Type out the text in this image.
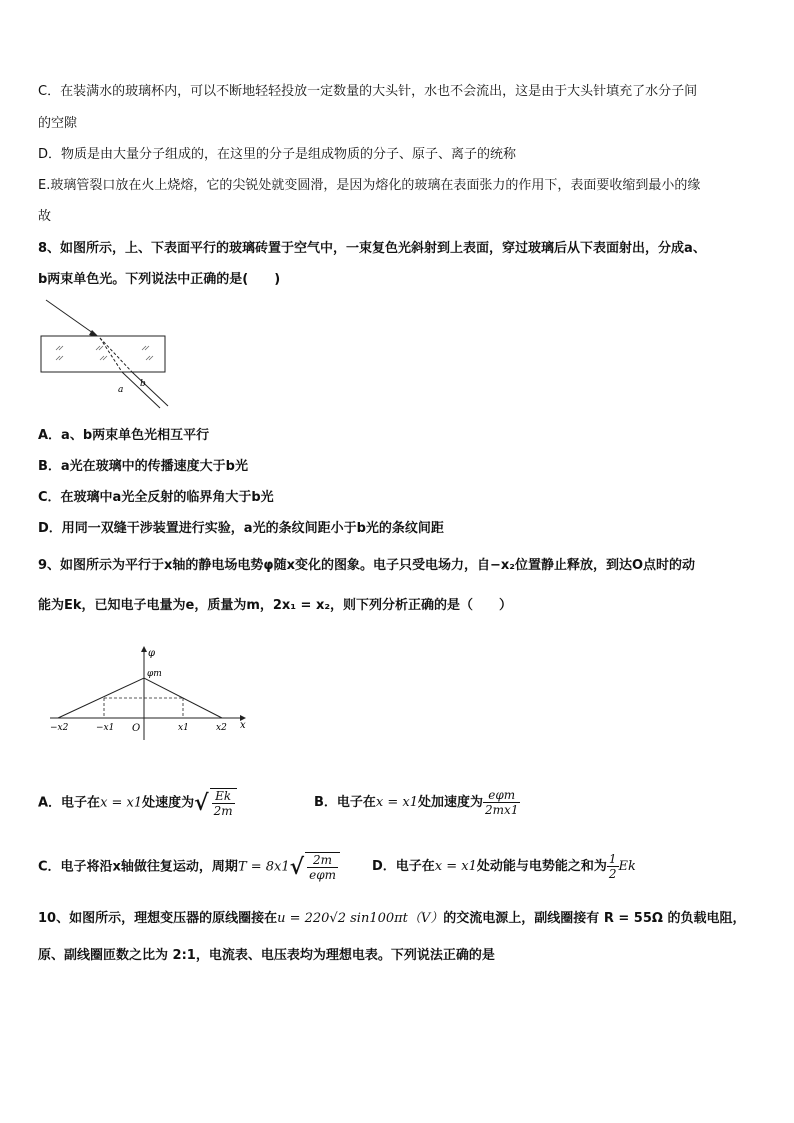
C．在装满水的玻璃杯内，可以不断地轻轻投放一定数量的大头针，水也不会流出，这是由于大头针填充了水分子间
的空隙
D．物质是由大量分子组成的，在这里的分子是组成物质的分子、原子、离子的统称
E.玻璃管裂口放在火上烧熔，它的尖锐处就变圆滑，是因为熔化的玻璃在表面张力的作用下，表面要收缩到最小的缘
故
8、如图所示，上、下表面平行的玻璃砖置于空气中，一束复色光斜射到上表面，穿过玻璃后从下表面射出，分成a、
b两束单色光。下列说法中正确的是(　　)
a
b
A．a、b两束单色光相互平行
B．a光在玻璃中的传播速度大于b光
C．在玻璃中a光全反射的临界角大于b光
D．用同一双缝干涉装置进行实验，a光的条纹间距小于b光的条纹间距
9、如图所示为平行于x轴的静电场电势φ随x变化的图象。电子只受电场力，自−x₂位置静止释放，到达O点时的动
能为Ek，已知电子电量为e，质量为m，2x₁ = x₂，则下列分析正确的是（　　）
φ
φm
x
O
−x2	−x1	x1	x2
A．电子在x = x1处速度为√ $\frac{Ek}{2m}$	B．电子在x = x1处加速度为 $\frac{\text{eφm}}{2mx1}$
C．电子将沿x轴做往复运动，周期$T = 8x1√ \frac{2m}{\text{eφm}}$	D．电子在x = x1处动能与电势能之和为 $\frac{1}{2}$ Ek
10、如图所示，理想变压器的原线圈接在u = 220√2 sin100πt（V）的交流电源上，副线圈接有 R = 55Ω 的负载电阻，
原、副线圈匝数之比为 2:1，电流表、电压表均为理想电表。下列说法正确的是
